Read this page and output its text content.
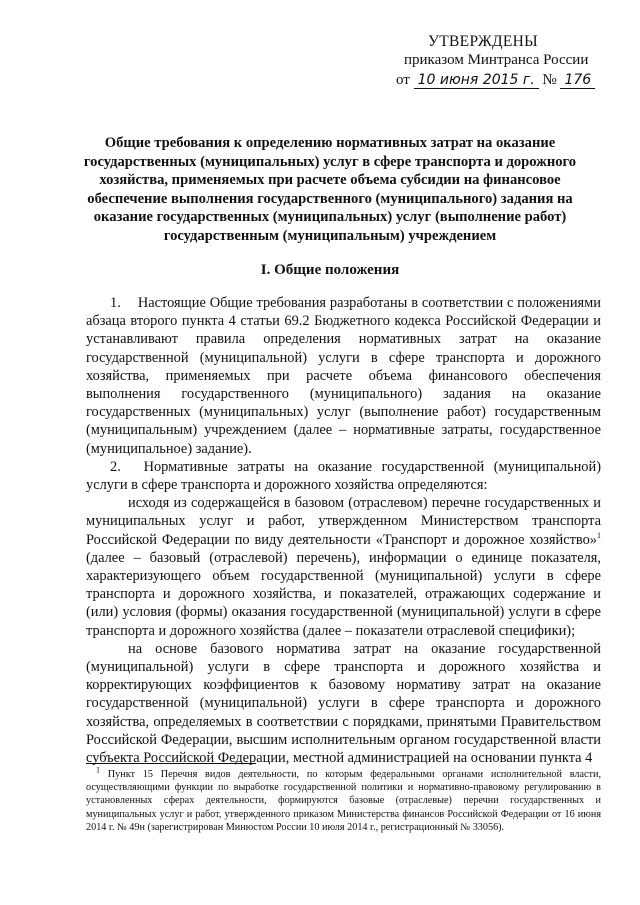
УТВЕРЖДЕНЫ
приказом Минтранса России
от 10 июня 2015 г. № 176
Общие требования к определению нормативных затрат на оказание государственных (муниципальных) услуг в сфере транспорта и дорожного хозяйства, применяемых при расчете объема субсидии на финансовое обеспечение выполнения государственного (муниципального) задания на оказание государственных (муниципальных) услуг (выполнение работ) государственным (муниципальным) учреждением
I. Общие положения

1. Настоящие Общие требования разработаны в соответствии с положениями абзаца второго пункта 4 статьи 69.2 Бюджетного кодекса Российской Федерации и устанавливают правила определения нормативных затрат на оказание государственной (муниципальной) услуги в сфере транспорта и дорожного хозяйства, применяемых при расчете объема финансового обеспечения выполнения государственного (муниципального) задания на оказание государственных (муниципальных) услуг (выполнение работ) государственным (муниципальным) учреждением (далее – нормативные затраты, государственное (муниципальное) задание).

2. Нормативные затраты на оказание государственной (муниципальной) услуги в сфере транспорта и дорожного хозяйства определяются:

исходя из содержащейся в базовом (отраслевом) перечне государственных и муниципальных услуг и работ, утвержденном Министерством транспорта Российской Федерации по виду деятельности «Транспорт и дорожное хозяйство»$^1$ (далее – базовый (отраслевой) перечень), информации о единице показателя, характеризующего объем государственной (муниципальной) услуги в сфере транспорта и дорожного хозяйства, и показателей, отражающих содержание и (или) условия (формы) оказания государственной (муниципальной) услуги в сфере транспорта и дорожного хозяйства (далее – показатели отраслевой специфики);

на основе базового норматива затрат на оказание государственной (муниципальной) услуги в сфере транспорта и дорожного хозяйства и корректирующих коэффициентов к базовому нормативу затрат на оказание государственной (муниципальной) услуги в сфере транспорта и дорожного хозяйства, определяемых в соответствии с порядками, принятыми Правительством Российской Федерации, высшим исполнительным органом государственной власти субъекта Российской Федерации, местной администрацией на основании пункта 4

$^1$ Пункт 15 Перечня видов деятельности, по которым федеральными органами исполнительной власти, осуществляющими функции по выработке государственной политики и нормативно-правовому регулированию в установленных сферах деятельности, формируются базовые (отраслевые) перечни государственных и муниципальных услуг и работ, утвержденного приказом Министерства финансов Российской Федерации от 16 июня 2014 г. № 49н (зарегистрирован Минюстом России 10 июля 2014 г., регистрационный № 33056).
